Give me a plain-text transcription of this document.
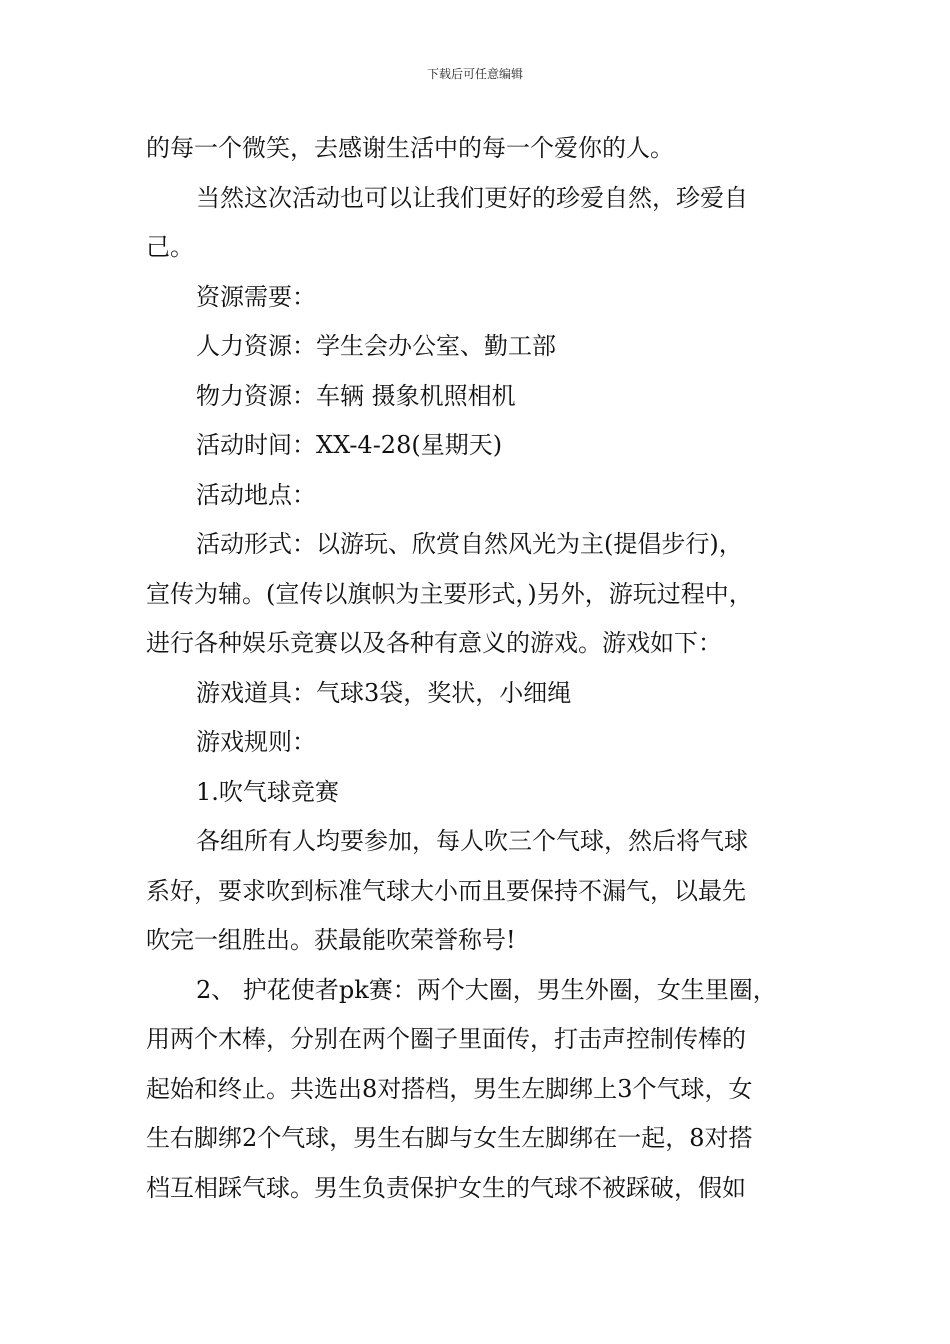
下载后可任意编辑
的每一个微笑，去感谢生活中的每一个爱你的人。
当然这次活动也可以让我们更好的珍爱自然，珍爱自
己。
资源需要：
人力资源：学生会办公室、勤工部
物力资源：车辆 摄象机照相机
活动时间：XX-4-28(星期天)
活动地点：
活动形式：以游玩、欣赏自然风光为主(提倡步行)，
宣传为辅。(宣传以旗帜为主要形式，)另外，游玩过程中，
进行各种娱乐竞赛以及各种有意义的游戏。游戏如下：
游戏道具：气球3袋，奖状，小细绳
游戏规则：
1.吹气球竞赛
各组所有人均要参加，每人吹三个气球，然后将气球
系好，要求吹到标准气球大小而且要保持不漏气，以最先
吹完一组胜出。获最能吹荣誉称号!
2、 护花使者pk赛：两个大圈，男生外圈，女生里圈，
用两个木棒，分别在两个圈子里面传，打击声控制传棒的
起始和终止。共选出8对搭档，男生左脚绑上3个气球，女
生右脚绑2个气球，男生右脚与女生左脚绑在一起，8对搭
档互相踩气球。男生负责保护女生的气球不被踩破，假如
